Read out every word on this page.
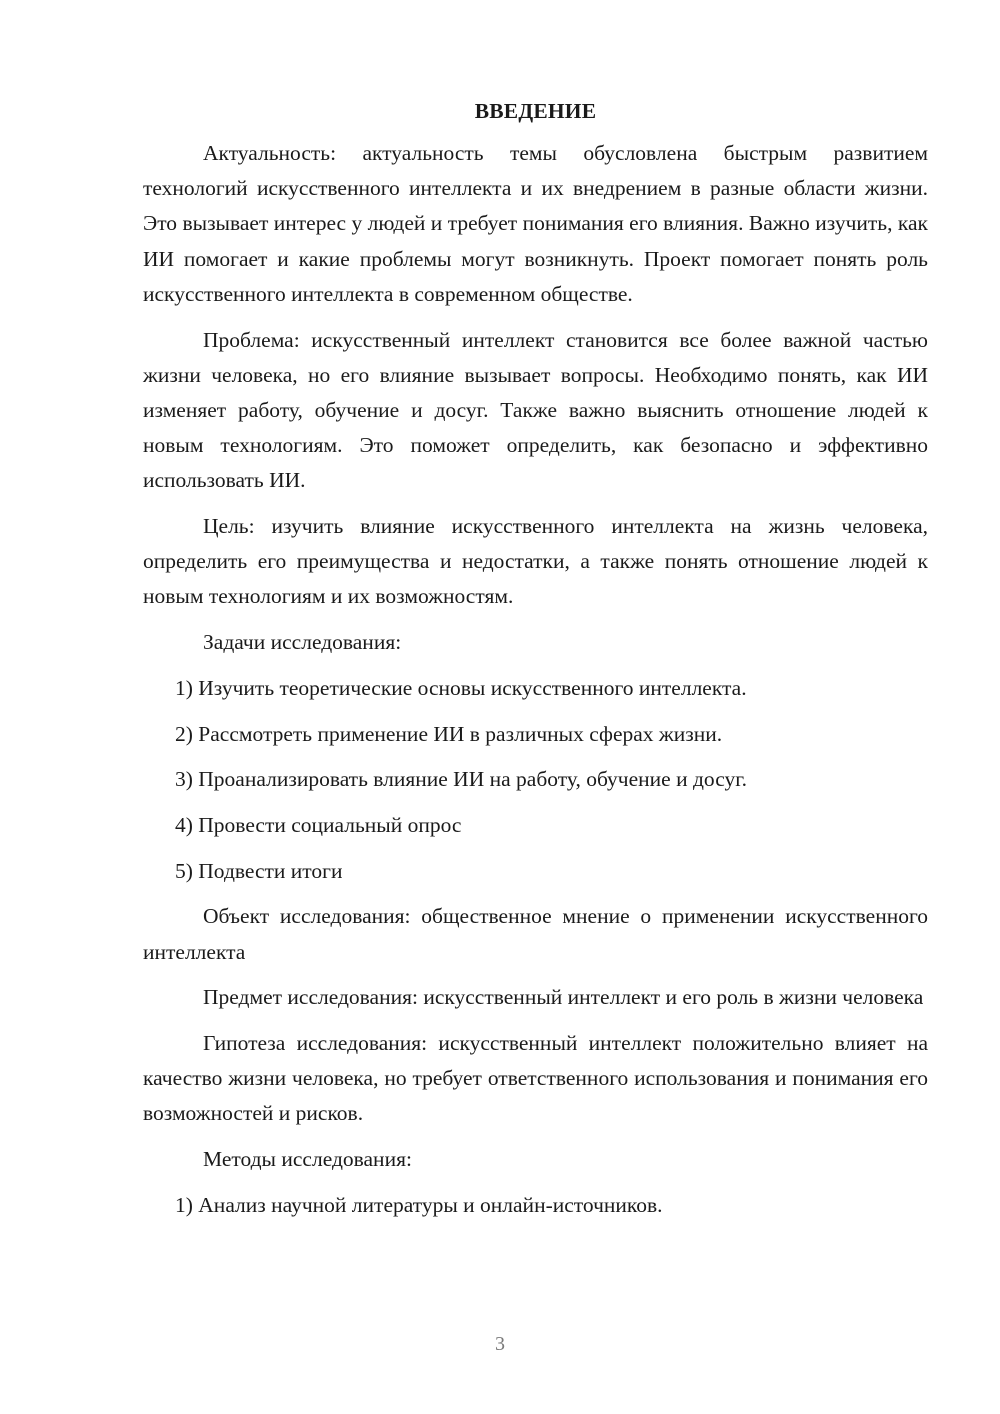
ВВЕДЕНИЕ

Актуальность: актуальность темы обусловлена быстрым развитием технологий искусственного интеллекта и их внедрением в разные области жизни. Это вызывает интерес у людей и требует понимания его влияния. Важно изучить, как ИИ помогает и какие проблемы могут возникнуть. Проект помогает понять роль искусственного интеллекта в современном обществе.

Проблема: искусственный интеллект становится все более важной частью жизни человека, но его влияние вызывает вопросы. Необходимо понять, как ИИ изменяет работу, обучение и досуг. Также важно выяснить отношение людей к новым технологиям. Это поможет определить, как безопасно и эффективно использовать ИИ.

Цель: изучить влияние искусственного интеллекта на жизнь человека, определить его преимущества и недостатки, а также понять отношение людей к новым технологиям и их возможностям.

Задачи исследования:

1) Изучить теоретические основы искусственного интеллекта.

2) Рассмотреть применение ИИ в различных сферах жизни.

3) Проанализировать влияние ИИ на работу, обучение и досуг.

4) Провести социальный опрос

5) Подвести итоги

Объект исследования: общественное мнение о применении искусственного интеллекта

Предмет исследования: искусственный интеллект и его роль в жизни человека

Гипотеза исследования: искусственный интеллект положительно влияет на качество жизни человека, но требует ответственного использования и понимания его возможностей и рисков.

Методы исследования:

1) Анализ научной литературы и онлайн-источников.

3
